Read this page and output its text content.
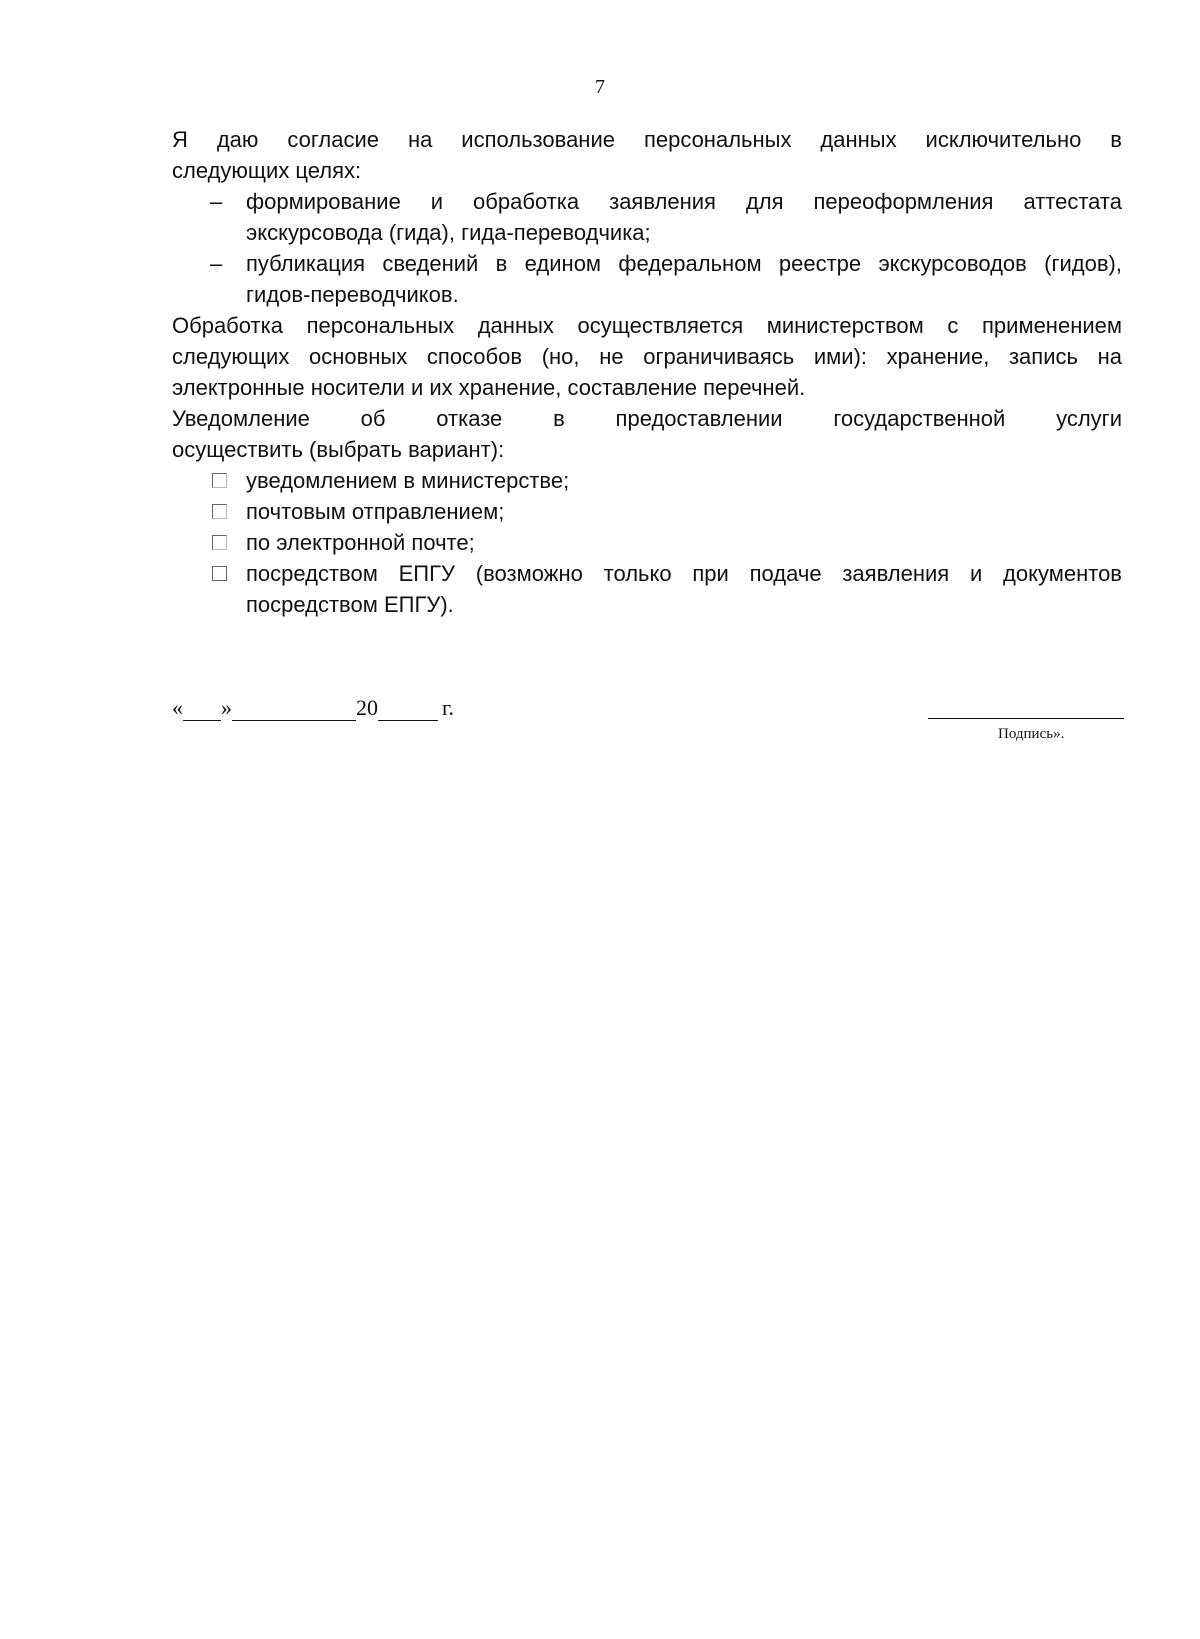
7
Я даю согласие на использование персональных данных исключительно в
следующих целях:
– формирование и обработка заявления для переоформления аттестата
экскурсовода (гида), гида-переводчика;
– публикация сведений в едином федеральном реестре экскурсоводов (гидов),
гидов-переводчиков.
Обработка персональных данных осуществляется министерством с применением
следующих основных способов (но, не ограничиваясь ими): хранение, запись на
электронные носители и их хранение, составление перечней.
Уведомление об отказе в предоставлении государственной услуги
осуществить (выбрать вариант):
уведомлением в министерстве;
почтовым отправлением;
по электронной почте;
посредством ЕПГУ (возможно только при подаче заявления и документов
посредством ЕПГУ).
« »	20	г.
Подпись».
